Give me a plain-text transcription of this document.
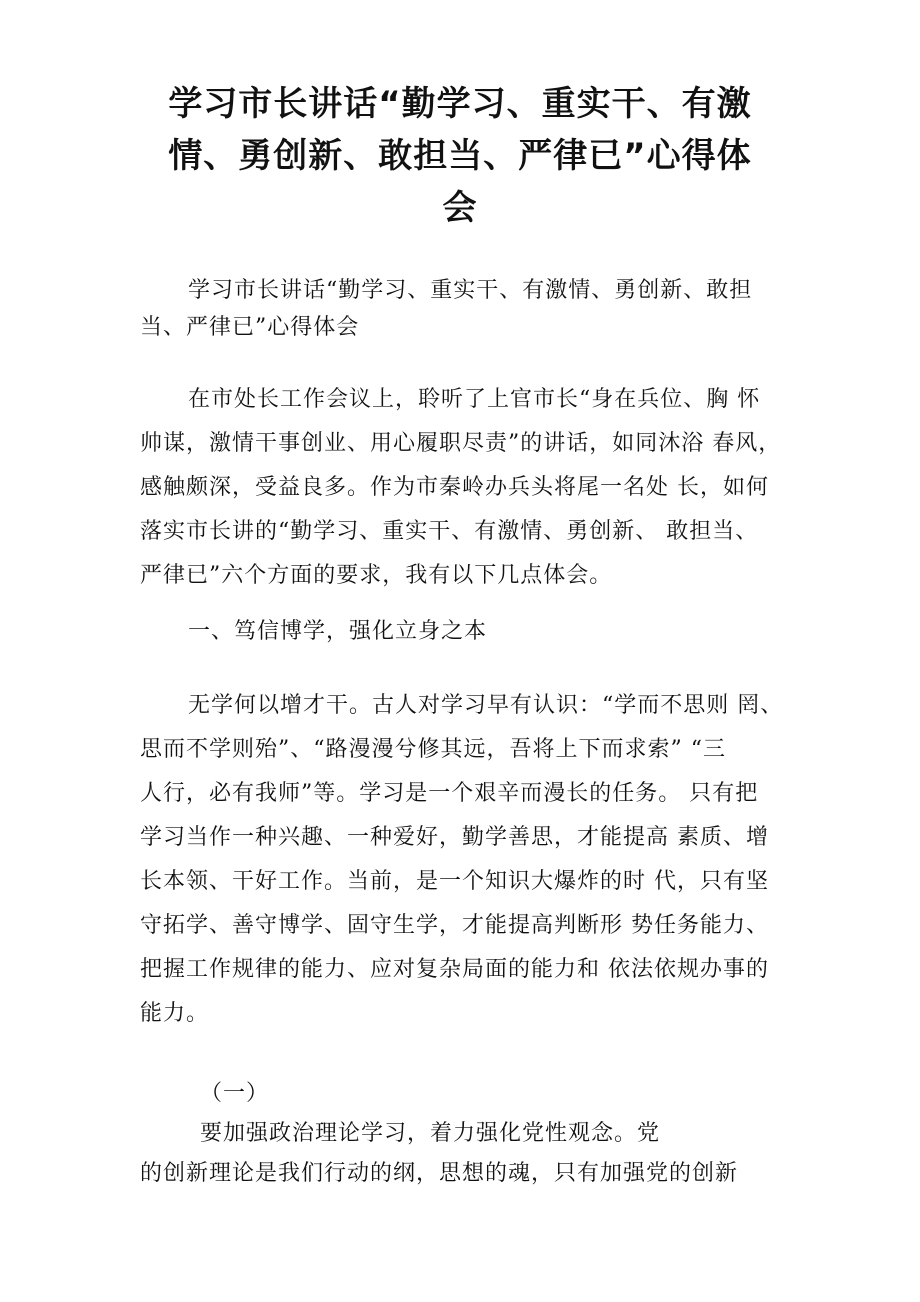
学习市长讲话“勤学习、重实干、有激
情、勇创新、敢担当、严律已”心得体
会

学习市长讲话“勤学习、重实干、有激情、勇创新、敢担
当、严律已”心得体会

在市处长工作会议上，聆听了上官市长“身在兵位、胸 怀
帅谋，激情干事创业、用心履职尽责”的讲话，如同沐浴 春风，
感触颇深，受益良多。作为市秦岭办兵头将尾一名处 长，如何
落实市长讲的“勤学习、重实干、有激情、勇创新、 敢担当、
严律已”六个方面的要求，我有以下几点体会。

一、笃信博学，强化立身之本

无学何以增才干。古人对学习早有认识：“学而不思则 罔、
思而不学则殆”、“路漫漫兮修其远，吾将上下而求索” “三
人行，必有我师”等。学习是一个艰辛而漫长的任务。 只有把
学习当作一种兴趣、一种爱好，勤学善思，才能提高 素质、增
长本领、干好工作。当前，是一个知识大爆炸的时 代，只有坚
守拓学、善守博学、固守生学，才能提高判断形 势任务能力、
把握工作规律的能力、应对复杂局面的能力和 依法依规办事的
能力。

（一）
要加强政治理论学习，着力强化党性观念。党
的创新理论是我们行动的纲，思想的魂，只有加强党的创新
